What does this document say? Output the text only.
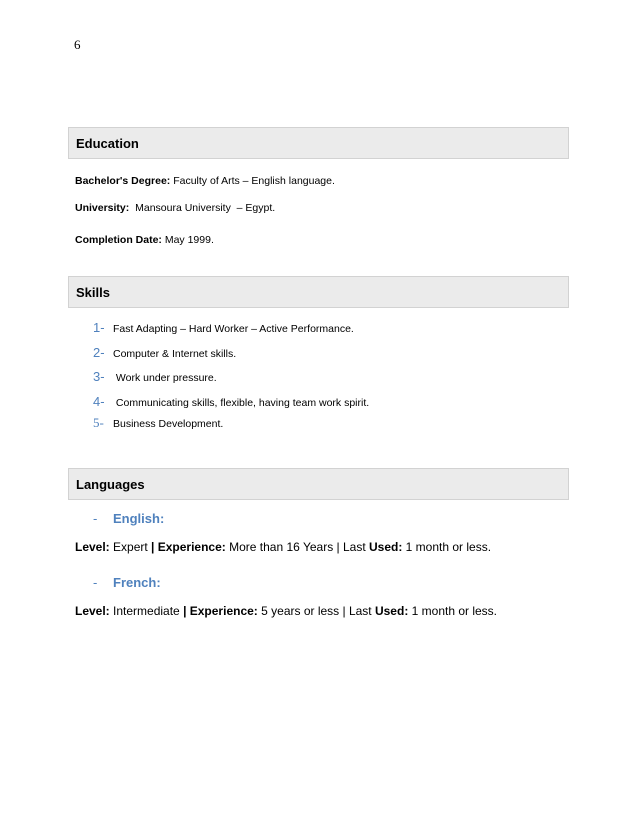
6
Education
Bachelor's Degree: Faculty of Arts – English language.
University:  Mansoura University  – Egypt.
Completion Date: May 1999.
Skills
1- Fast Adapting – Hard Worker – Active Performance.
2- Computer & Internet skills.
3- Work under pressure.
4- Communicating skills, flexible, having team work spirit.
5- Business Development.
Languages
- English:
Level: Expert | Experience: More than 16 Years | Last Used: 1 month or less.
- French:
Level: Intermediate | Experience: 5 years or less | Last Used: 1 month or less.
